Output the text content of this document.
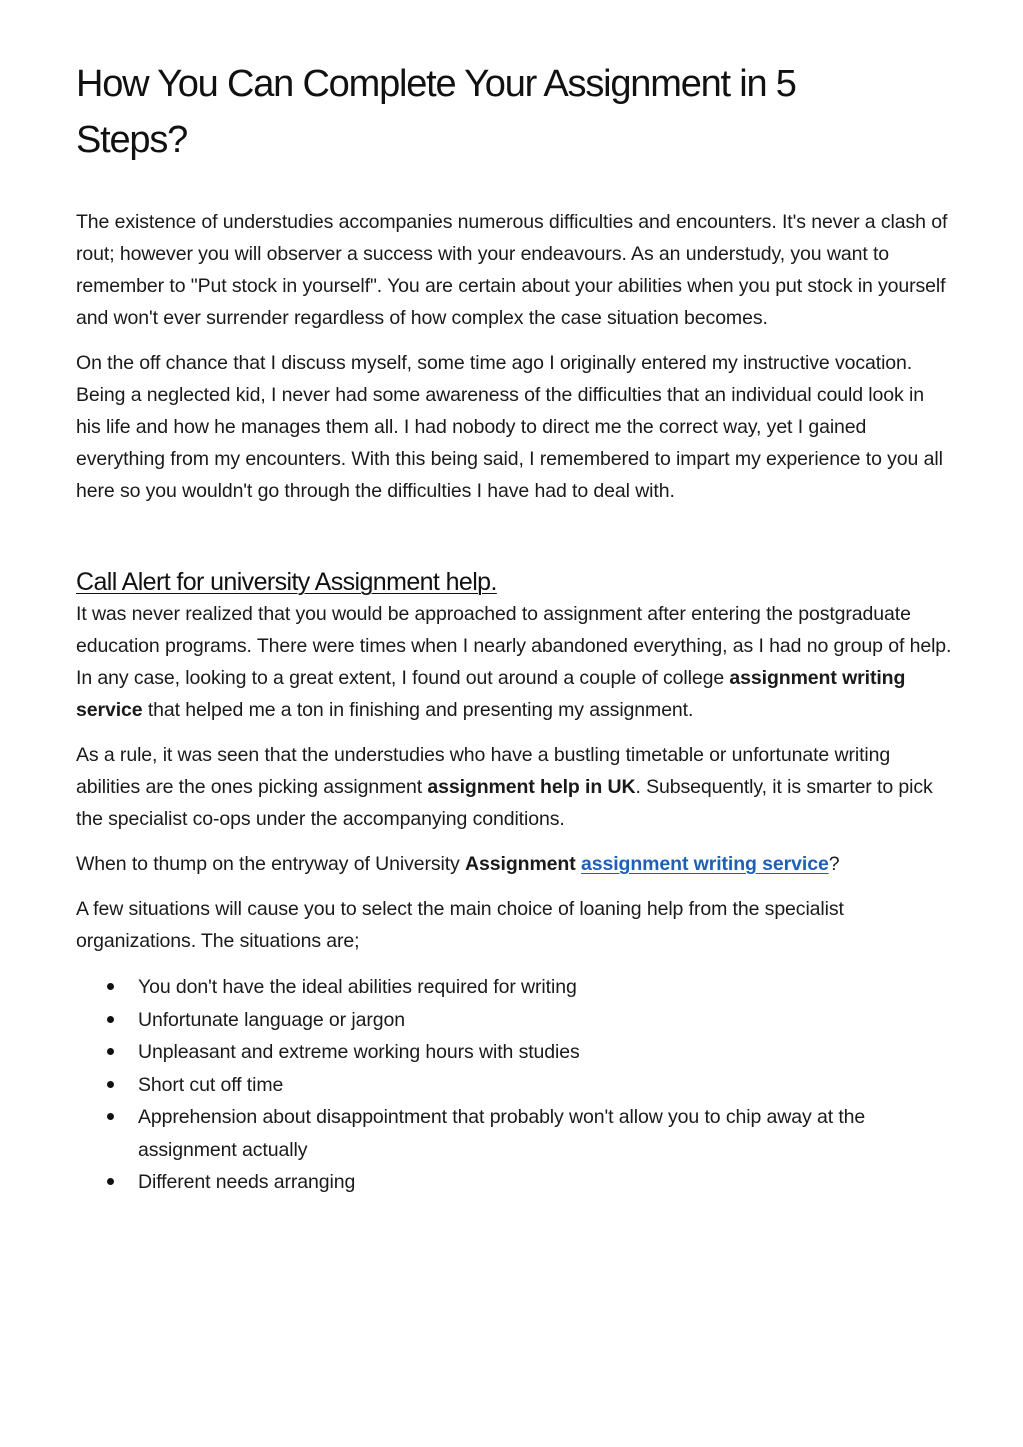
How You Can Complete Your Assignment in 5 Steps?

The existence of understudies accompanies numerous difficulties and encounters. It's never a clash of rout; however you will observer a success with your endeavours. As an understudy, you want to remember to "Put stock in yourself". You are certain about your abilities when you put stock in yourself and won't ever surrender regardless of how complex the case situation becomes.

On the off chance that I discuss myself, some time ago I originally entered my instructive vocation. Being a neglected kid, I never had some awareness of the difficulties that an individual could look in his life and how he manages them all. I had nobody to direct me the correct way, yet I gained everything from my encounters. With this being said, I remembered to impart my experience to you all here so you wouldn't go through the difficulties I have had to deal with.

Call Alert for university Assignment help.

It was never realized that you would be approached to assignment after entering the postgraduate education programs. There were times when I nearly abandoned everything, as I had no group of help. In any case, looking to a great extent, I found out around a couple of college assignment writing service that helped me a ton in finishing and presenting my assignment.

As a rule, it was seen that the understudies who have a bustling timetable or unfortunate writing abilities are the ones picking assignment assignment help in UK. Subsequently, it is smarter to pick the specialist co-ops under the accompanying conditions.

When to thump on the entryway of University Assignment assignment writing service?

A few situations will cause you to select the main choice of loaning help from the specialist organizations. The situations are;

You don't have the ideal abilities required for writing
Unfortunate language or jargon
Unpleasant and extreme working hours with studies
Short cut off time
Apprehension about disappointment that probably won't allow you to chip away at the assignment actually
Different needs arranging
